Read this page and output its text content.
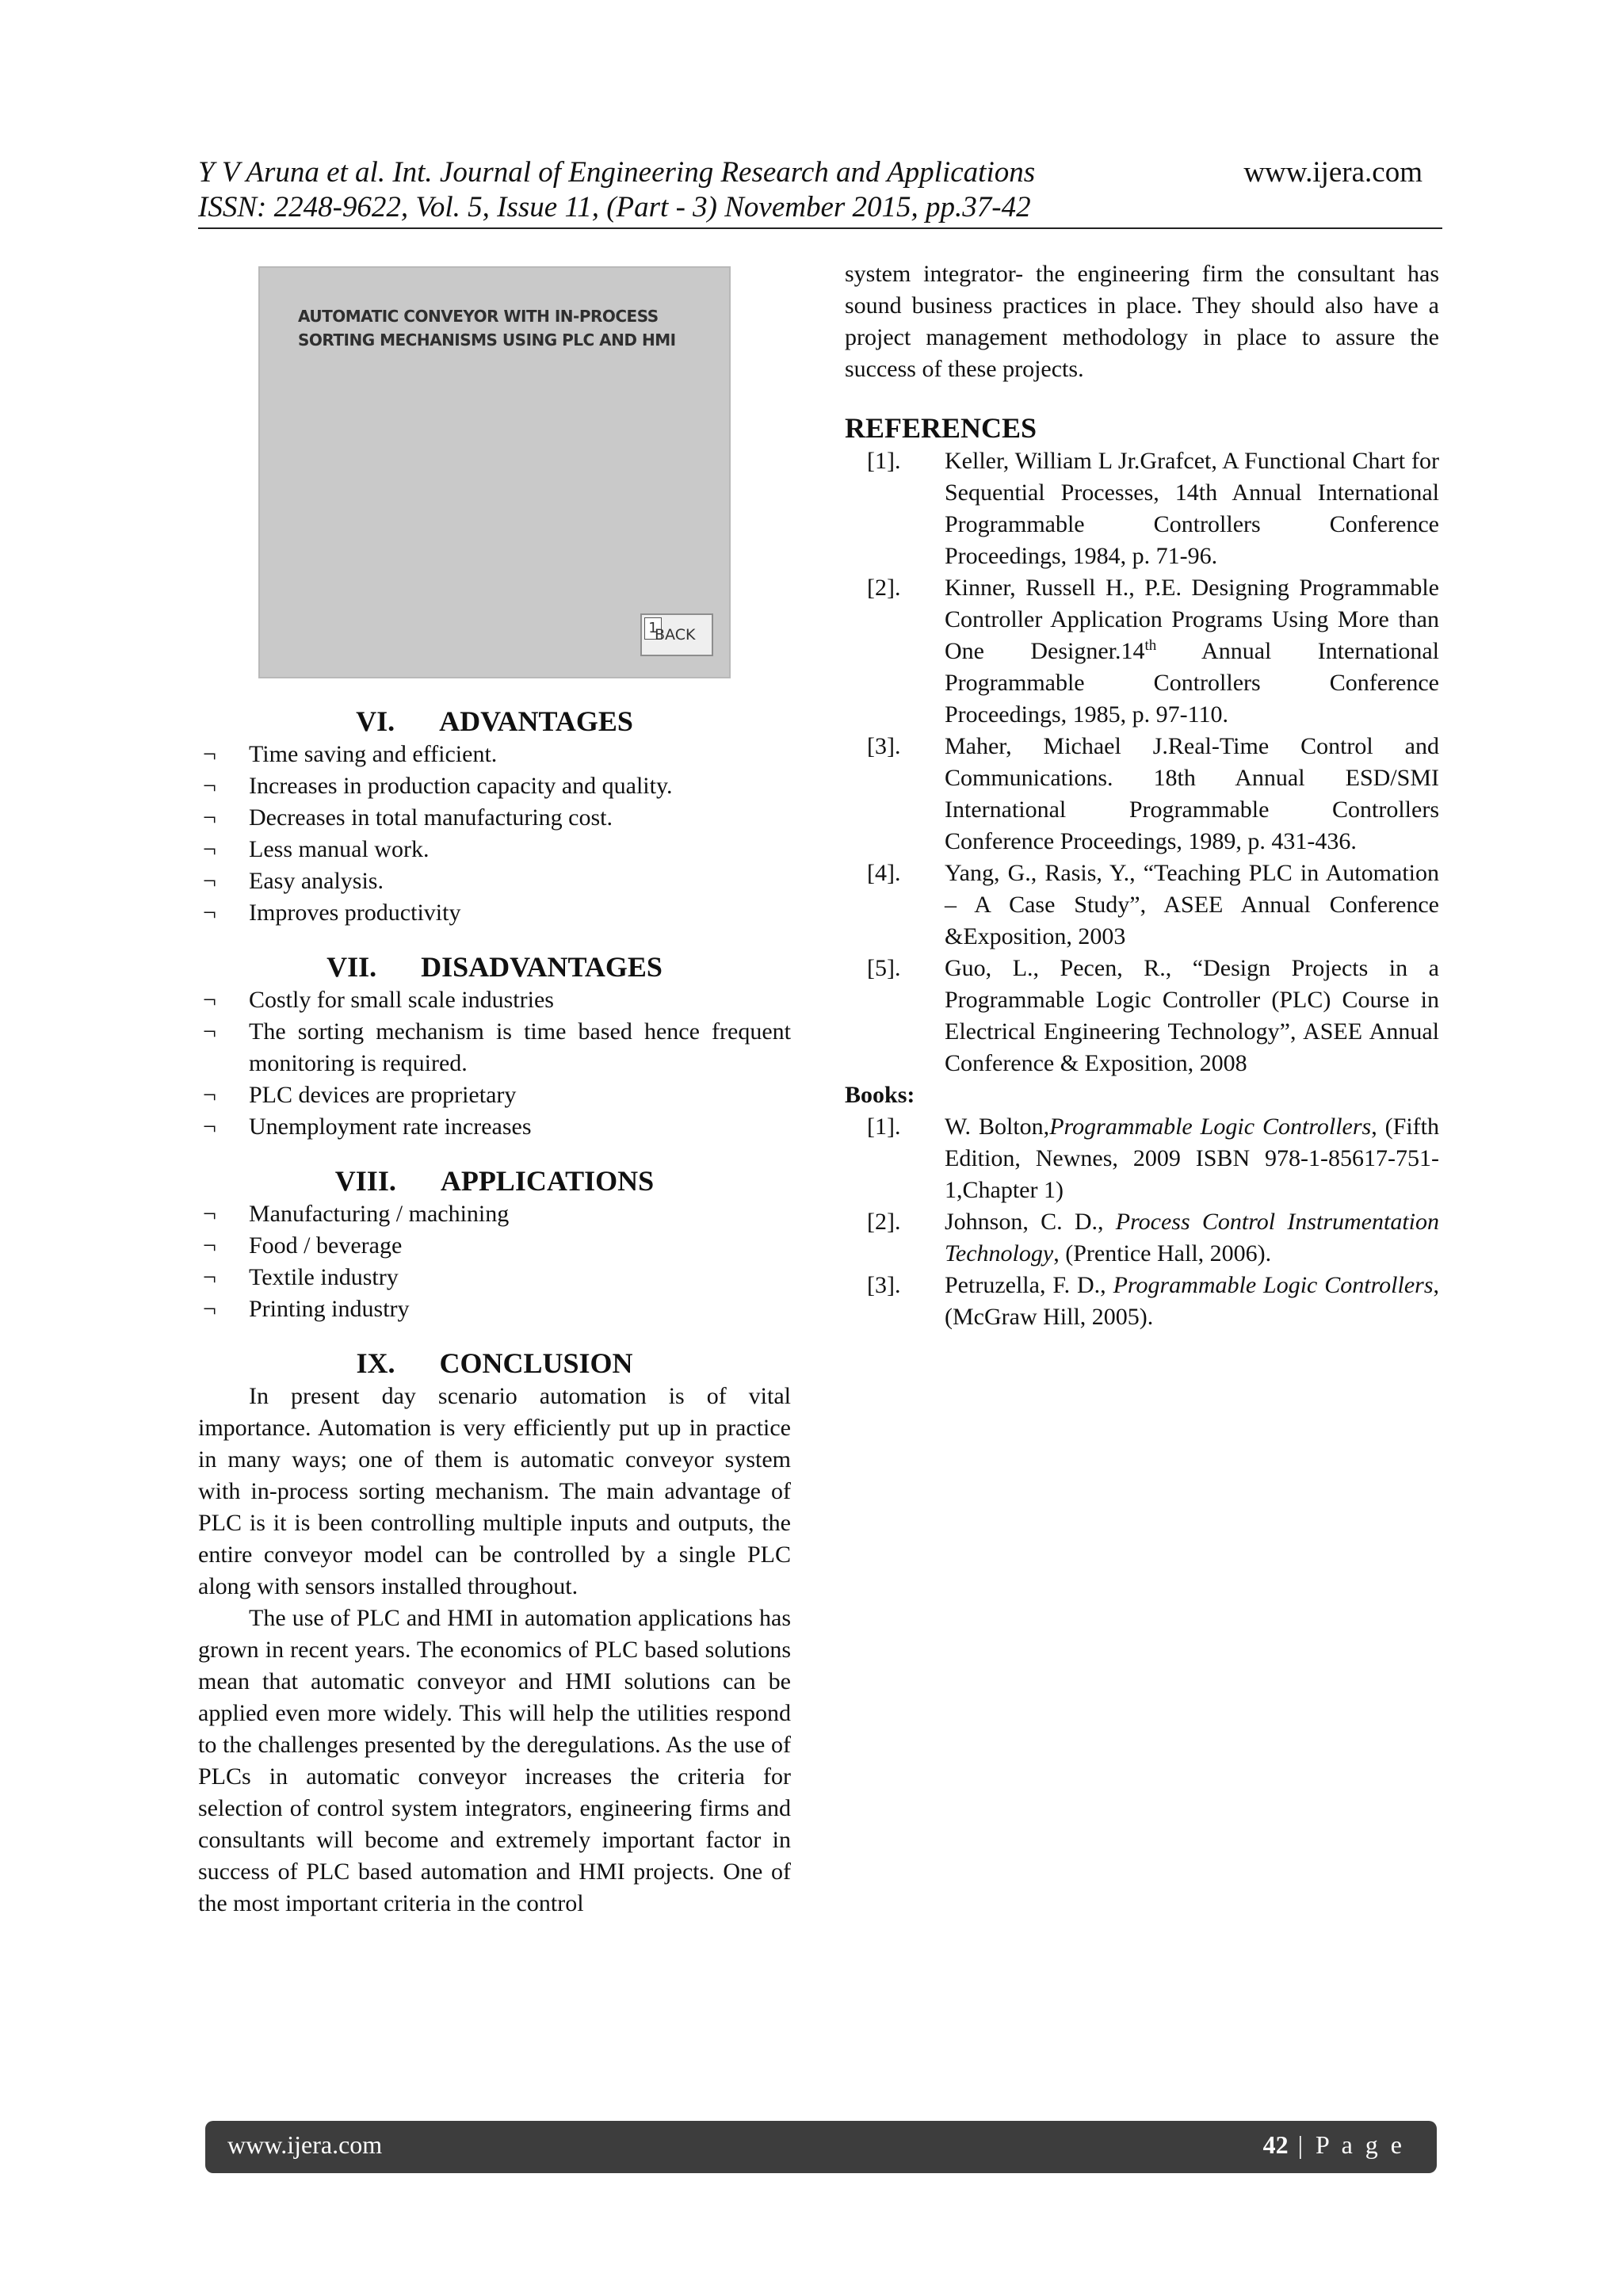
Y V Aruna et al. Int. Journal of Engineering Research and Applications
ISSN: 2248-9622, Vol. 5, Issue 11, (Part - 3) November 2015, pp.37-42
www.ijera.com
AUTOMATIC CONVEYOR WITH IN-PROCESS
SORTING MECHANISMS USING PLC AND HMI
1
BACK
VI. ADVANTAGES
¬ Time saving and efficient.
¬ Increases in production capacity and quality.
¬ Decreases in total manufacturing cost.
¬ Less manual work.
¬ Easy analysis.
¬ Improves productivity
VII. DISADVANTAGES
¬ Costly for small scale industries
¬ The sorting mechanism is time based hence frequent monitoring is required.
¬ PLC devices are proprietary
¬ Unemployment rate increases
VIII. APPLICATIONS
¬ Manufacturing / machining
¬ Food / beverage
¬ Textile industry
¬ Printing industry
IX. CONCLUSION

In present day scenario automation is of vital importance. Automation is very efficiently put up in practice in many ways; one of them is automatic conveyor system with in-process sorting mechanism. The main advantage of PLC is it is been controlling multiple inputs and outputs, the entire conveyor model can be controlled by a single PLC along with sensors installed throughout.

The use of PLC and HMI in automation applications has grown in recent years. The economics of PLC based solutions mean that automatic conveyor and HMI solutions can be applied even more widely. This will help the utilities respond to the challenges presented by the deregulations. As the use of PLCs in automatic conveyor increases the criteria for selection of control system integrators, engineering firms and consultants will become and extremely important factor in success of PLC based automation and HMI projects. One of the most important criteria in the control

system integrator- the engineering firm the consultant has sound business practices in place. They should also have a project management methodology in place to assure the success of these projects.

REFERENCES
[1]. Keller, William L Jr.Grafcet, A Functional Chart for Sequential Processes, 14th Annual International Programmable Controllers Conference Proceedings, 1984, p. 71-96.
[2]. Kinner, Russell H., P.E. Designing Programmable Controller Application Programs Using More than One Designer.14th Annual International Programmable Controllers Conference Proceedings, 1985, p. 97-110.
[3]. Maher, Michael J.Real-Time Control and Communications. 18th Annual ESD/SMI International Programmable Controllers Conference Proceedings, 1989, p. 431-436.
[4]. Yang, G., Rasis, Y., “Teaching PLC in Automation – A Case Study”, ASEE Annual Conference &Exposition, 2003
[5]. Guo, L., Pecen, R., “Design Projects in a Programmable Logic Controller (PLC) Course in Electrical Engineering Technology”, ASEE Annual Conference & Exposition, 2008
Books:
[1]. W. Bolton,Programmable Logic Controllers, (Fifth Edition, Newnes, 2009 ISBN 978-1-85617-751-1,Chapter 1)
[2]. Johnson, C. D., Process Control Instrumentation Technology, (Prentice Hall, 2006).
[3]. Petruzella, F. D., Programmable Logic Controllers, (McGraw Hill, 2005).
www.ijera.com	42 | P a g e
